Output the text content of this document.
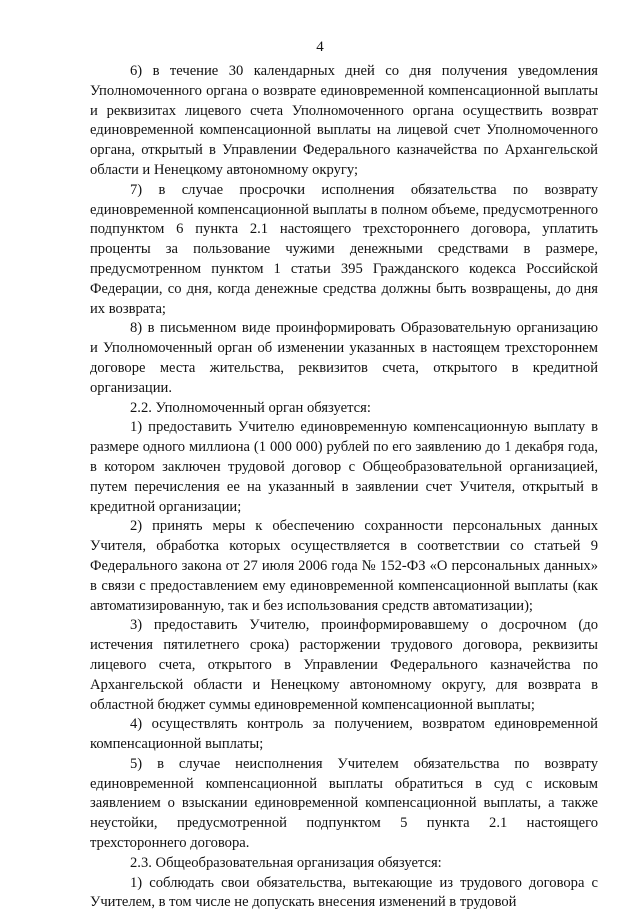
4

6) в течение 30 календарных дней со дня получения уведомления Уполномоченного органа о возврате единовременной компенсационной выплаты и реквизитах лицевого счета Уполномоченного органа осуществить возврат единовременной компенсационной выплаты на лицевой счет Уполномоченного органа, открытый в Управлении Федерального казначейства по Архангельской области и Ненецкому автономному округу;

7) в случае просрочки исполнения обязательства по возврату единовременной компенсационной выплаты в полном объеме, предусмотренного подпунктом 6 пункта 2.1 настоящего трехстороннего договора, уплатить проценты за пользование чужими денежными средствами в размере, предусмотренном пунктом 1 статьи 395 Гражданского кодекса Российской Федерации, со дня, когда денежные средства должны быть возвращены, до дня их возврата;

8) в письменном виде проинформировать Образовательную организацию и Уполномоченный орган об изменении указанных в настоящем трехстороннем договоре места жительства, реквизитов счета, открытого в кредитной организации.

2.2. Уполномоченный орган обязуется:

1) предоставить Учителю единовременную компенсационную выплату в размере одного миллиона (1 000 000) рублей по его заявлению до 1 декабря года, в котором заключен трудовой договор с Общеобразовательной организацией, путем перечисления ее на указанный в заявлении счет Учителя, открытый в кредитной организации;

2) принять меры к обеспечению сохранности персональных данных Учителя, обработка которых осуществляется в соответствии со статьей 9 Федерального закона от 27 июля 2006 года № 152-ФЗ «О персональных данных» в связи с предоставлением ему единовременной компенсационной выплаты (как автоматизированную, так и без использования средств автоматизации);

3) предоставить Учителю, проинформировавшему о досрочном (до истечения пятилетнего срока) расторжении трудового договора, реквизиты лицевого счета, открытого в Управлении Федерального казначейства по Архангельской области и Ненецкому автономному округу, для возврата в областной бюджет суммы единовременной компенсационной выплаты;

4) осуществлять контроль за получением, возвратом единовременной компенсационной выплаты;

5) в случае неисполнения Учителем обязательства по возврату единовременной компенсационной выплаты обратиться в суд с исковым заявлением о взыскании единовременной компенсационной выплаты, а также неустойки, предусмотренной подпунктом 5 пункта 2.1 настоящего трехстороннего договора.

2.3. Общеобразовательная организация обязуется:

1) соблюдать свои обязательства, вытекающие из трудового договора с Учителем, в том числе не допускать внесения изменений в трудовой
